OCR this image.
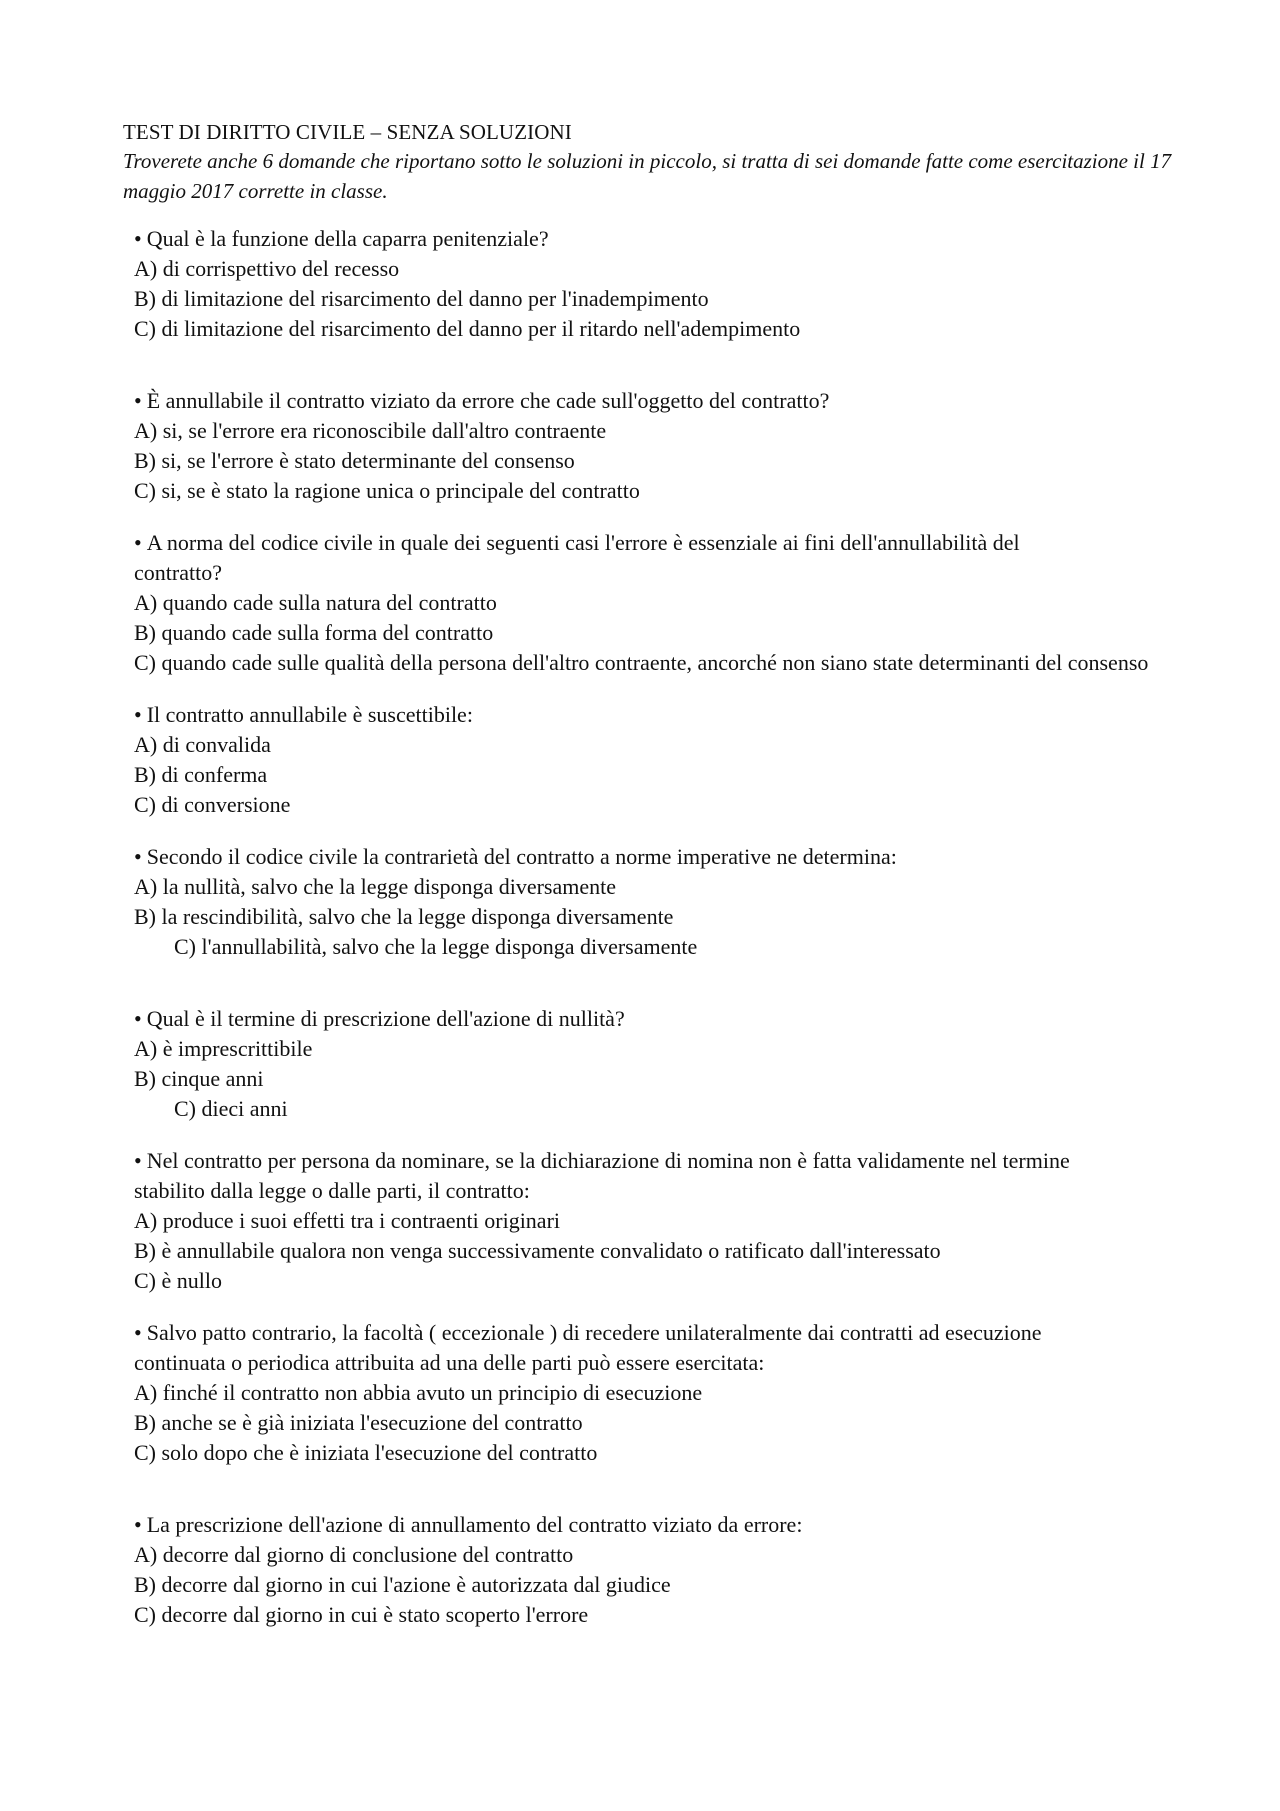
TEST DI DIRITTO CIVILE – SENZA SOLUZIONI
Troverete anche 6 domande che riportano sotto le soluzioni in piccolo, si tratta di sei domande fatte come esercitazione il 17 maggio 2017 corrette in classe.
• Qual è la funzione della caparra penitenziale?
A) di corrispettivo del recesso
B) di limitazione del risarcimento del danno per l'inadempimento
C) di limitazione del risarcimento del danno per il ritardo nell'adempimento
• È annullabile il contratto viziato da errore che cade sull'oggetto del contratto?
A) si, se l'errore era riconoscibile dall'altro contraente
B) si, se l'errore è stato determinante del consenso
C) si, se è stato la ragione unica o principale del contratto
• A norma del codice civile in quale dei seguenti casi l'errore è essenziale ai fini dell'annullabilità del contratto?
A) quando cade sulla natura del contratto
B) quando cade sulla forma del contratto
C) quando cade sulle qualità della persona dell'altro contraente, ancorché non siano state determinanti del consenso
• Il contratto annullabile è suscettibile:
A) di convalida
B) di conferma
C) di conversione
• Secondo il codice civile la contrarietà del contratto a norme imperative ne determina:
A) la nullità, salvo che la legge disponga diversamente
B) la rescindibilità, salvo che la legge disponga diversamente
C) l'annullabilità, salvo che la legge disponga diversamente
• Qual è il termine di prescrizione dell'azione di nullità?
A) è imprescrittibile
B) cinque anni
C) dieci anni
• Nel contratto per persona da nominare, se la dichiarazione di nomina non è fatta validamente nel termine stabilito dalla legge o dalle parti, il contratto:
A) produce i suoi effetti tra i contraenti originari
B) è annullabile qualora non venga successivamente convalidato o ratificato dall'interessato
C) è nullo
• Salvo patto contrario, la facoltà ( eccezionale ) di recedere unilateralmente dai contratti ad esecuzione continuata o periodica attribuita ad una delle parti può essere esercitata:
A) finché il contratto non abbia avuto un principio di esecuzione
B) anche se è già iniziata l'esecuzione del contratto
C) solo dopo che è iniziata l'esecuzione del contratto
• La prescrizione dell'azione di annullamento del contratto viziato da errore:
A) decorre dal giorno di conclusione del contratto
B) decorre dal giorno in cui l'azione è autorizzata dal giudice
C) decorre dal giorno in cui è stato scoperto l'errore
